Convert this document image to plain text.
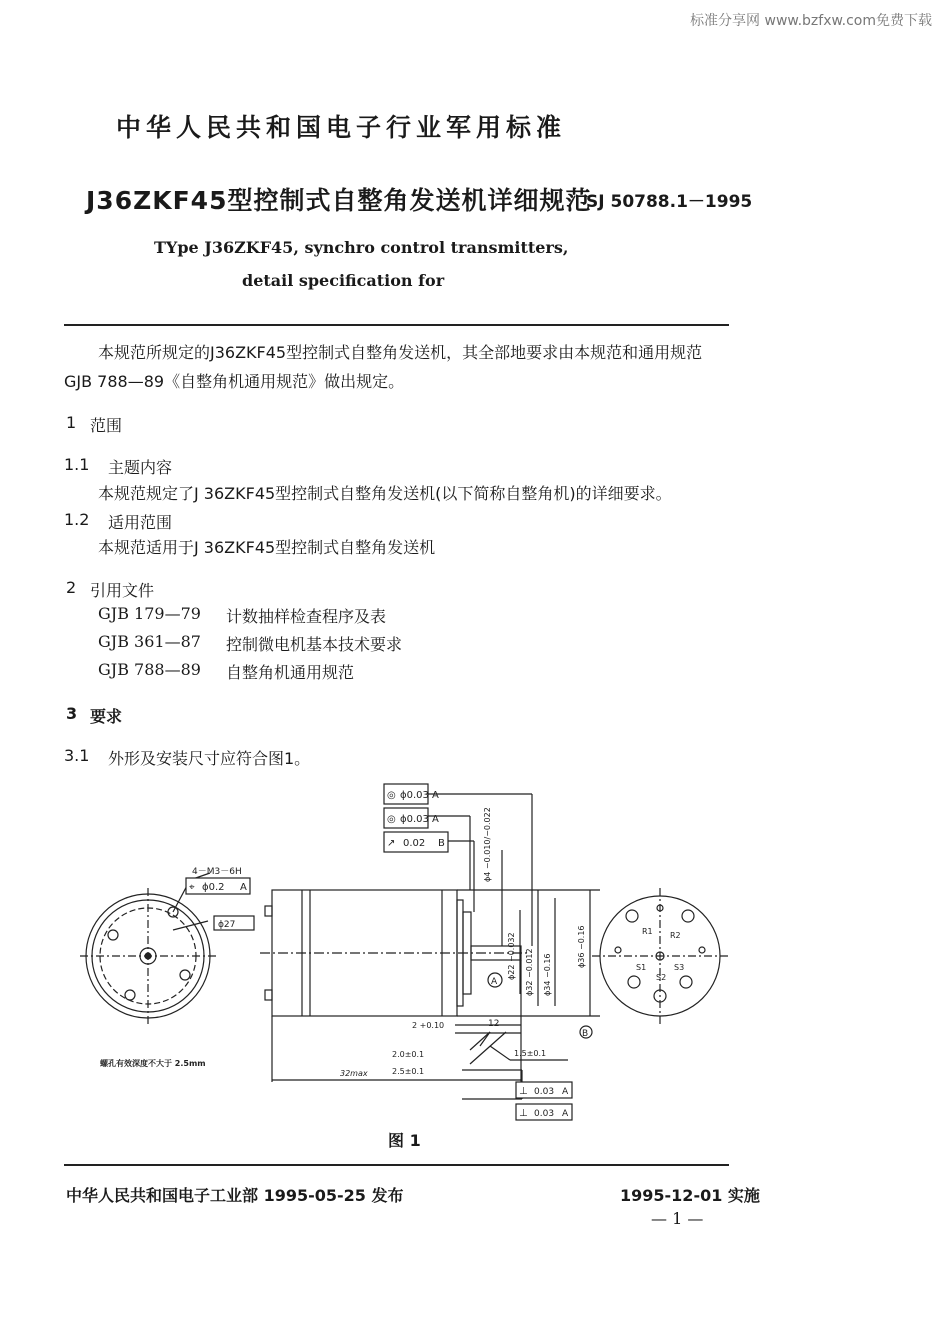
标准分享网 www.bzfxw.com免费下载
中华人民共和国电子行业军用标准
J36ZKF45型控制式自整角发送机详细规范
SJ 50788.1－1995
TYpe J36ZKF45, synchro control transmitters,
detail specification for
本规范所规定的J36ZKF45型控制式自整角发送机，其全部地要求由本规范和通用规范
GJB 788—89《自整角机通用规范》做出规定。
1 范围
1.1 主题内容
本规范规定了J 36ZKF45型控制式自整角发送机(以下简称自整角机)的详细要求。
1.2 适用范围
本规范适用于J 36ZKF45型控制式自整角发送机
2 引用文件
GJB 179—79 计数抽样检查程序及表
GJB 361—87 控制微电机基本技术要求
GJB 788—89 自整角机通用规范
3 要求
3.1 外形及安装尺寸应符合图1。
◎ ϕ0.03 A
◎ ϕ0.03 A
↗ 0.02 B
4－M3－6H
⌖ ϕ0.2 A
ϕ27
ϕ4 −0.010/−0.022
ϕ22 −0.032 ϕ32 −0.012 ϕ34 −0.16
ϕ36 −0.16
A
B
12
2 +0.10
2.0±0.1
2.5±0.1
1.5±0.1
32max
⊥ 0.03 A
⊥ 0.03 A
螺孔有效深度不大于 2.5mm
R1 R2
S1
S2
S3
图 1
中华人民共和国电子工业部 1995-05-25 发布	1995-12-01 实施
— 1 —
